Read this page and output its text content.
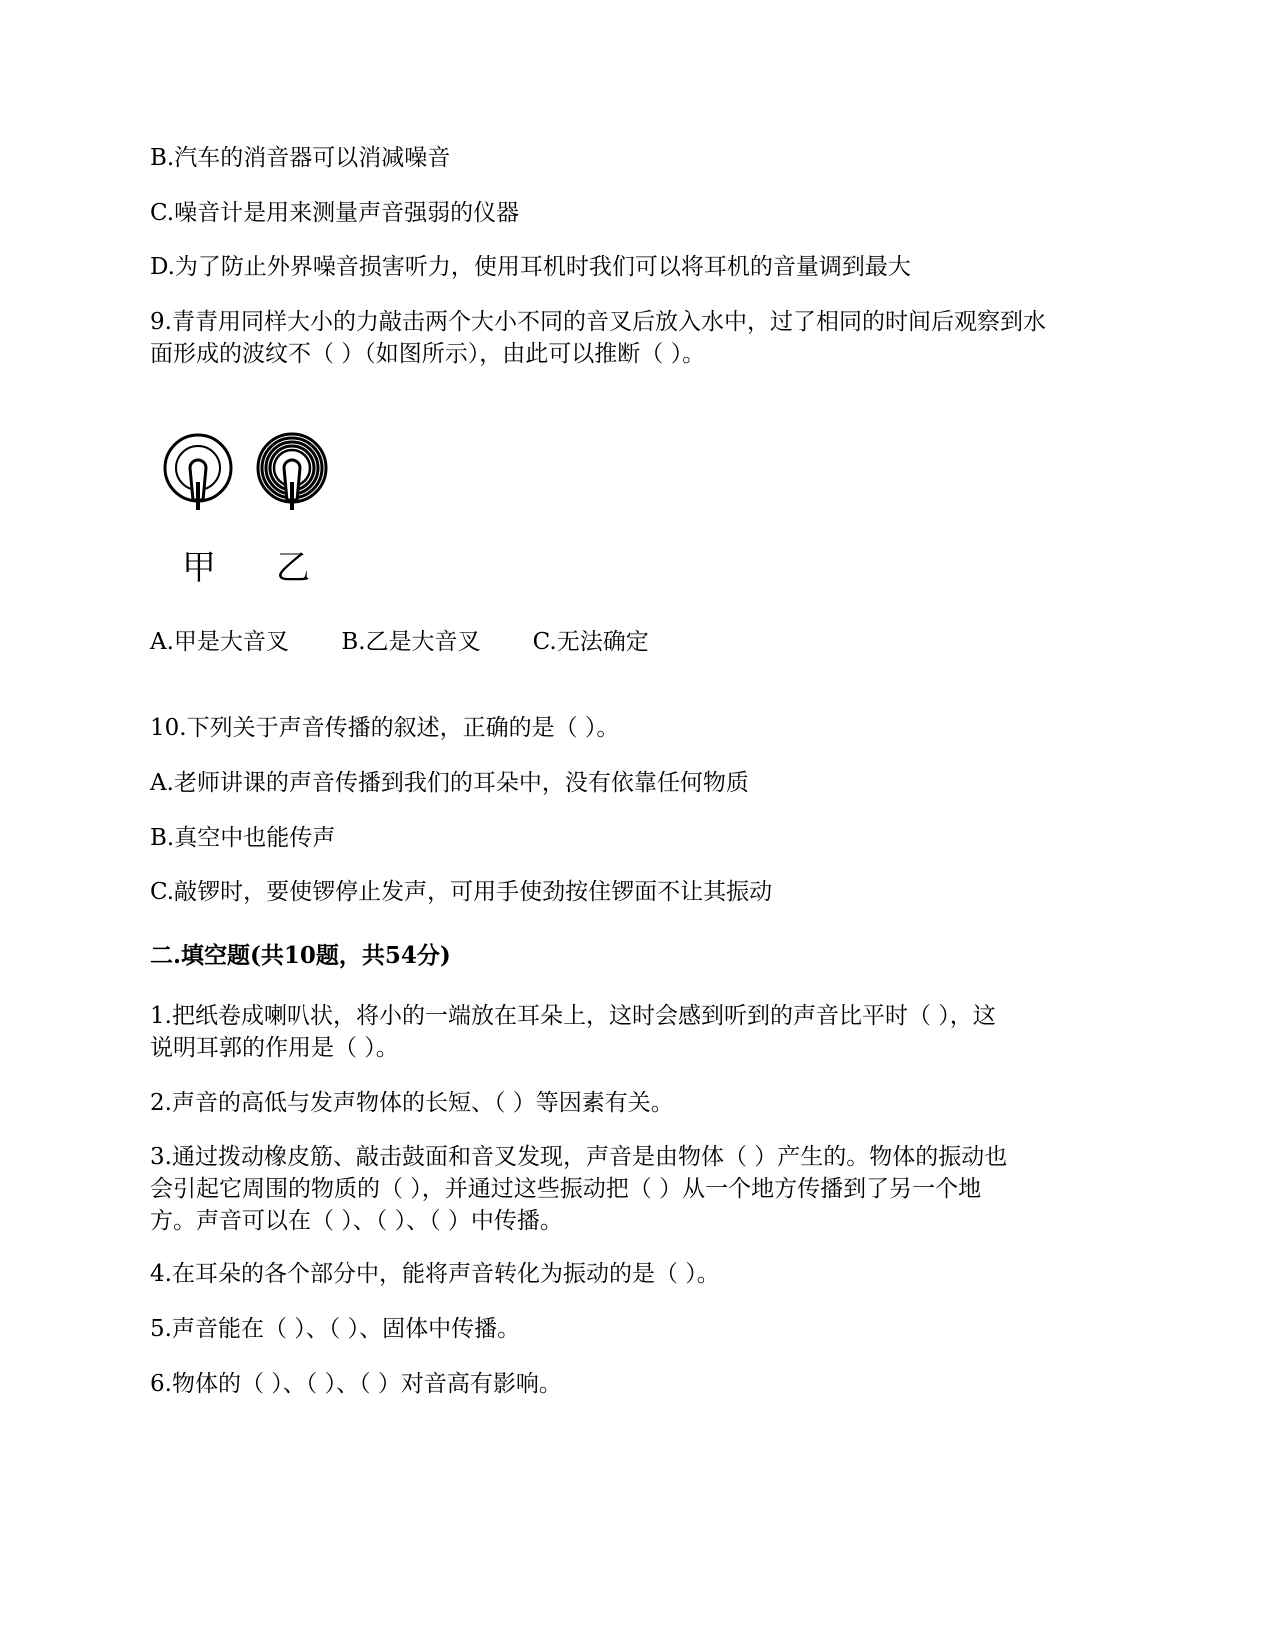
B.汽车的消音器可以消减噪音
C.噪音计是用来测量声音强弱的仪器
D.为了防止外界噪音损害听力，使用耳机时我们可以将耳机的音量调到最大
9.青青用同样大小的力敲击两个大小不同的音叉后放入水中，过了相同的时间后观察到水
面形成的波纹不（ ）（如图所示），由此可以推断（ ）。
甲 乙
A.甲是大音叉 B.乙是大音叉 C.无法确定
10.下列关于声音传播的叙述，正确的是（ ）。
A.老师讲课的声音传播到我们的耳朵中，没有依靠任何物质
B.真空中也能传声
C.敲锣时，要使锣停止发声，可用手使劲按住锣面不让其振动
二.填空题(共10题，共54分)
1.把纸卷成喇叭状，将小的一端放在耳朵上，这时会感到听到的声音比平时（ ），这
说明耳郭的作用是（ ）。
2.声音的高低与发声物体的长短、（ ）等因素有关。
3.通过拨动橡皮筋、敲击鼓面和音叉发现，声音是由物体（ ）产生的。物体的振动也
会引起它周围的物质的（ ），并通过这些振动把（ ）从一个地方传播到了另一个地
方。声音可以在（ ）、（ ）、（ ）中传播。
4.在耳朵的各个部分中，能将声音转化为振动的是（ ）。
5.声音能在（ ）、（ ）、固体中传播。
6.物体的（ ）、（ ）、（ ）对音高有影响。
